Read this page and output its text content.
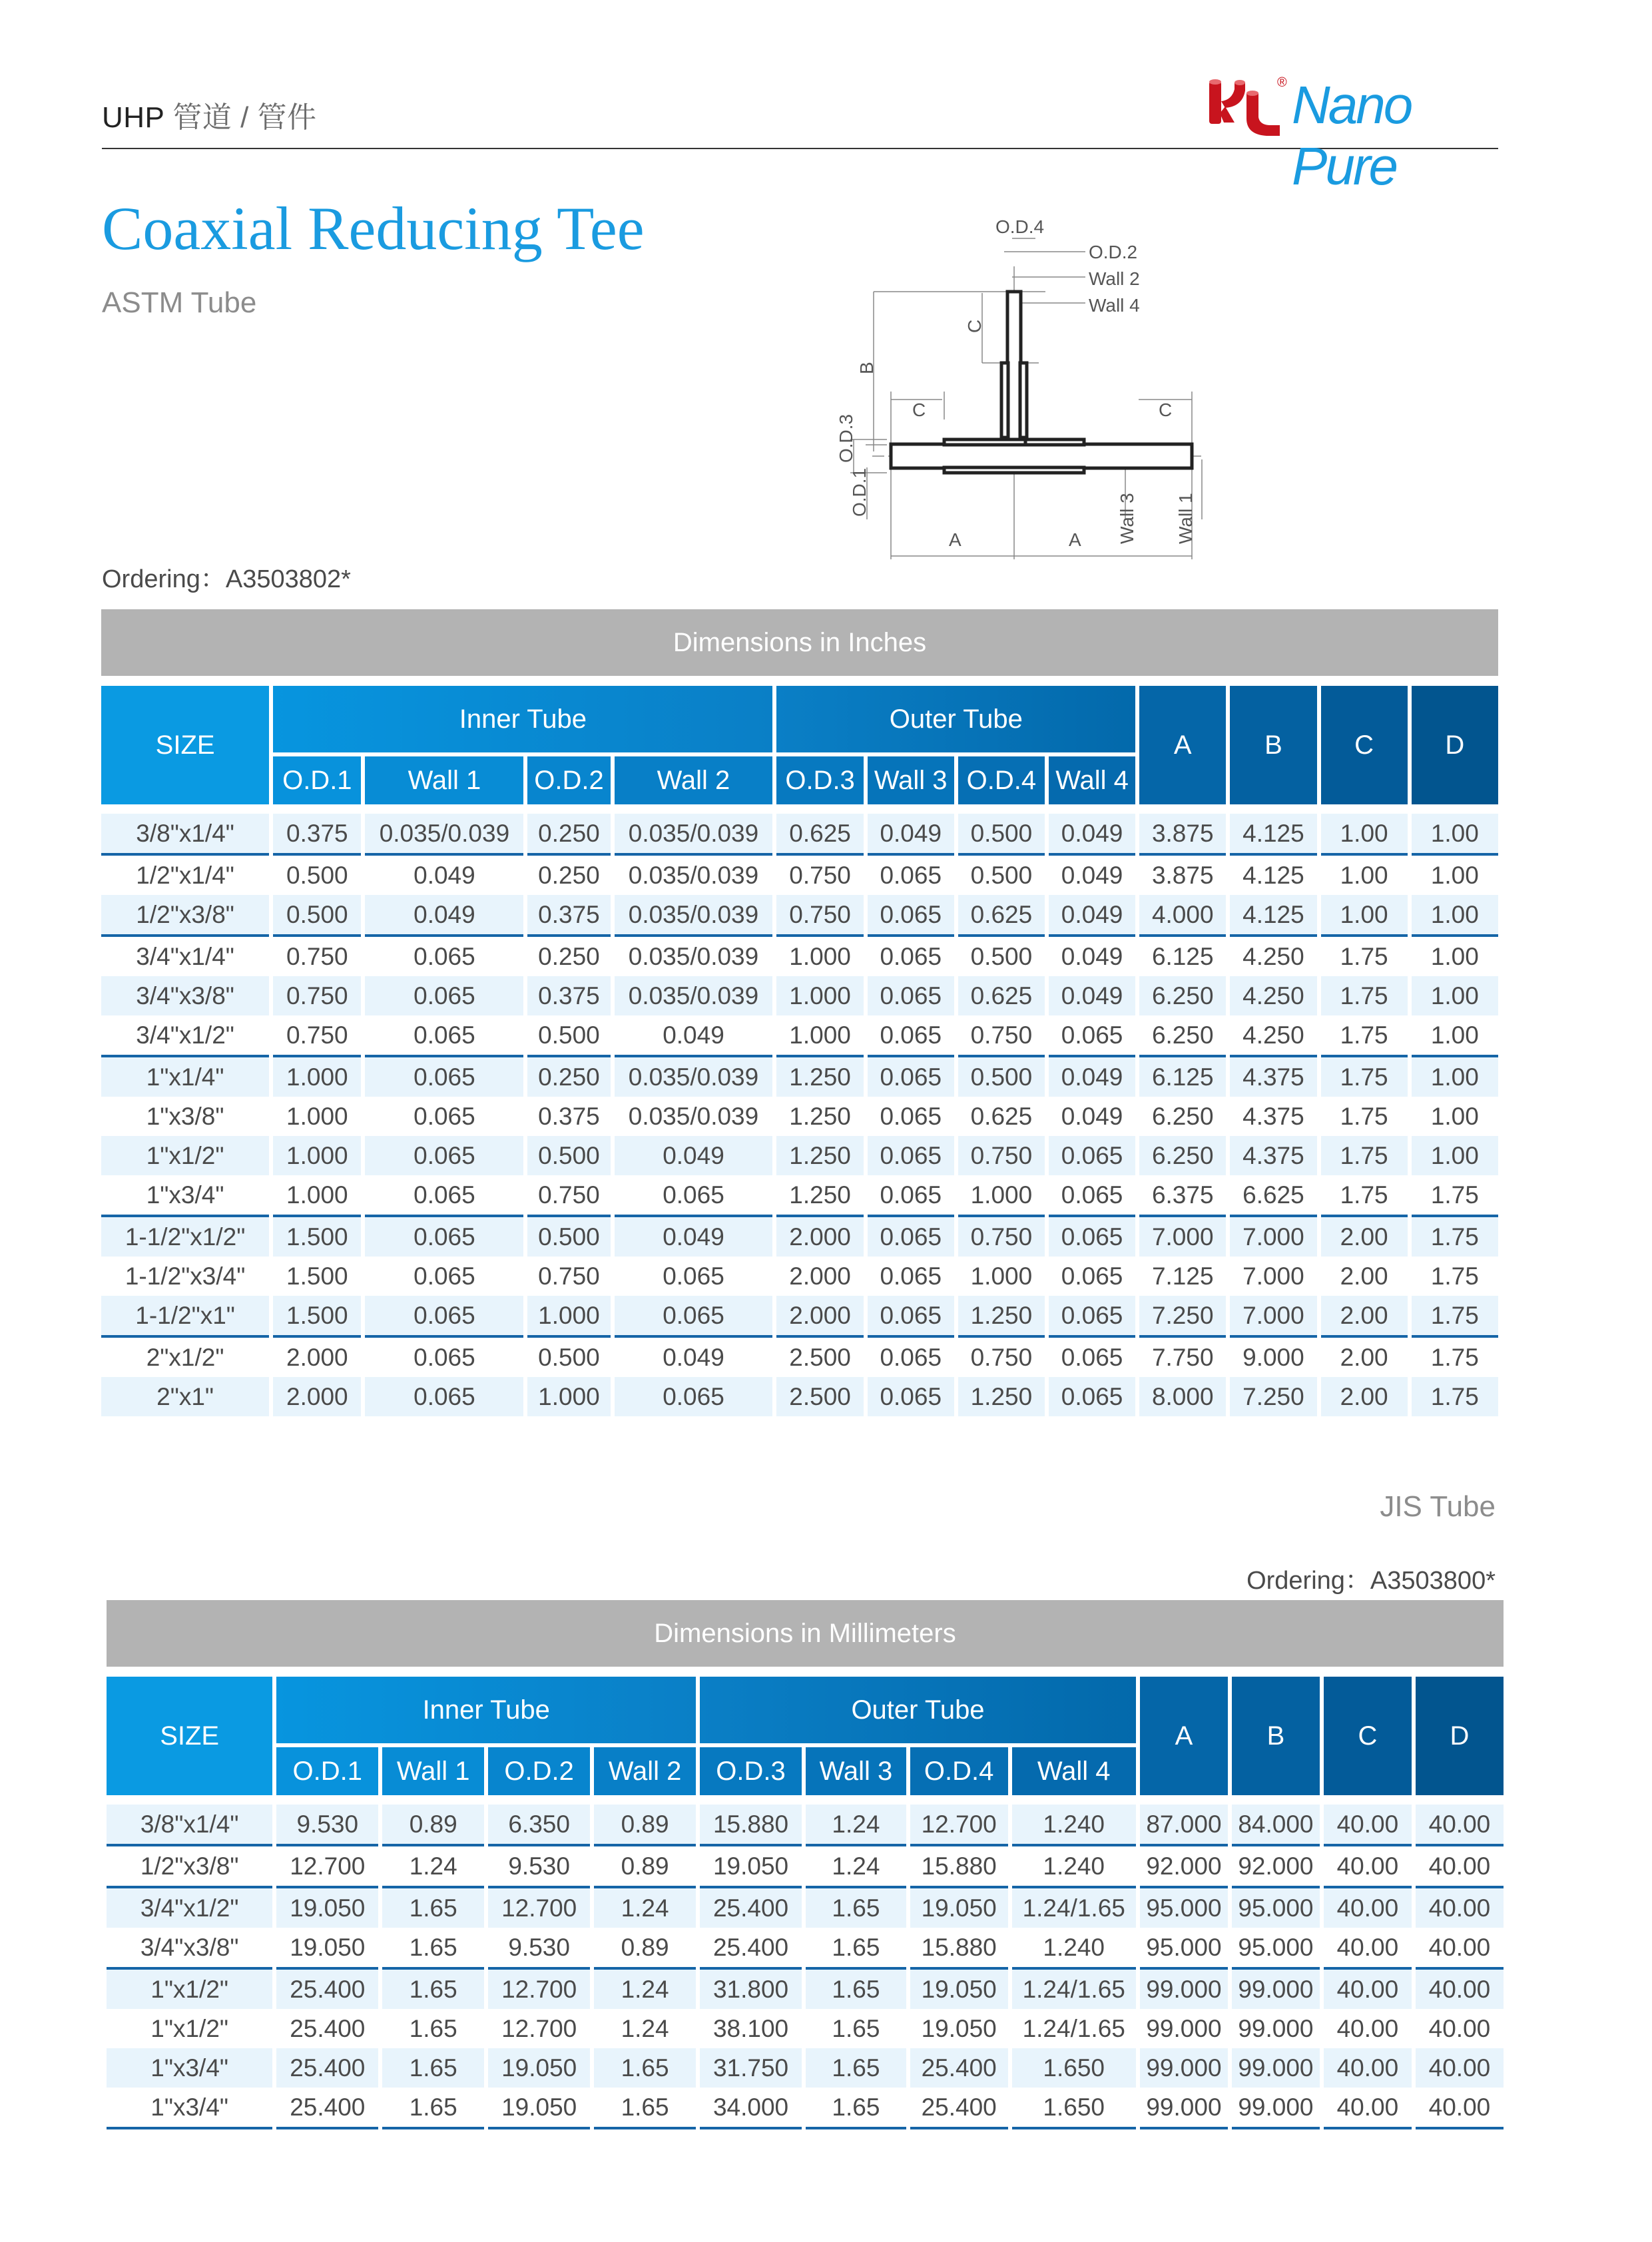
UHP 管道 / 管件
® Nano Pure
Coaxial Reducing Tee
ASTM Tube
Ordering：A3503802*
O.D.4
O.D.2
Wall 2
Wall 4
C
B
C	C
O.D.3
O.D.1
A	A Wall 3 Wall 1
Dimensions in Inches
SIZE	Inner Tube				Outer Tube				A	B	C	D
	O.D.1	Wall 1	O.D.2	Wall 2	O.D.3	Wall 3	O.D.4	Wall 4				
3/8"x1/4"	0.375	0.035/0.039	0.250	0.035/0.039	0.625	0.049	0.500	0.049	3.875	4.125	1.00	1.00
1/2"x1/4"	0.500	0.049	0.250	0.035/0.039	0.750	0.065	0.500	0.049	3.875	4.125	1.00	1.00
1/2"x3/8"	0.500	0.049	0.375	0.035/0.039	0.750	0.065	0.625	0.049	4.000	4.125	1.00	1.00
3/4"x1/4"	0.750	0.065	0.250	0.035/0.039	1.000	0.065	0.500	0.049	6.125	4.250	1.75	1.00
3/4"x3/8"	0.750	0.065	0.375	0.035/0.039	1.000	0.065	0.625	0.049	6.250	4.250	1.75	1.00
3/4"x1/2"	0.750	0.065	0.500	0.049	1.000	0.065	0.750	0.065	6.250	4.250	1.75	1.00
1"x1/4"	1.000	0.065	0.250	0.035/0.039	1.250	0.065	0.500	0.049	6.125	4.375	1.75	1.00
1"x3/8"	1.000	0.065	0.375	0.035/0.039	1.250	0.065	0.625	0.049	6.250	4.375	1.75	1.00
1"x1/2"	1.000	0.065	0.500	0.049	1.250	0.065	0.750	0.065	6.250	4.375	1.75	1.00
1"x3/4"	1.000	0.065	0.750	0.065	1.250	0.065	1.000	0.065	6.375	6.625	1.75	1.75
1-1/2"x1/2"	1.500	0.065	0.500	0.049	2.000	0.065	0.750	0.065	7.000	7.000	2.00	1.75
1-1/2"x3/4"	1.500	0.065	0.750	0.065	2.000	0.065	1.000	0.065	7.125	7.000	2.00	1.75
1-1/2"x1"	1.500	0.065	1.000	0.065	2.000	0.065	1.250	0.065	7.250	7.000	2.00	1.75
2"x1/2"	2.000	0.065	0.500	0.049	2.500	0.065	0.750	0.065	7.750	9.000	2.00	1.75
2"x1"	2.000	0.065	1.000	0.065	2.500	0.065	1.250	0.065	8.000	7.250	2.00	1.75
JIS Tube
Ordering：A3503800*
Dimensions in Millimeters
SIZE	Inner Tube				Outer Tube				A	B	C	D
	O.D.1	Wall 1	O.D.2	Wall 2	O.D.3	Wall 3	O.D.4	Wall 4				
3/8"x1/4"	9.530	0.89	6.350	0.89	15.880	1.24	12.700	1.240	87.000	84.000	40.00	40.00
1/2"x3/8"	12.700	1.24	9.530	0.89	19.050	1.24	15.880	1.240	92.000	92.000	40.00	40.00
3/4"x1/2"	19.050	1.65	12.700	1.24	25.400	1.65	19.050	1.24/1.65	95.000	95.000	40.00	40.00
3/4"x3/8"	19.050	1.65	9.530	0.89	25.400	1.65	15.880	1.240	95.000	95.000	40.00	40.00
1"x1/2"	25.400	1.65	12.700	1.24	31.800	1.65	19.050	1.24/1.65	99.000	99.000	40.00	40.00
1"x1/2"	25.400	1.65	12.700	1.24	38.100	1.65	19.050	1.24/1.65	99.000	99.000	40.00	40.00
1"x3/4"	25.400	1.65	19.050	1.65	31.750	1.65	25.400	1.650	99.000	99.000	40.00	40.00
1"x3/4"	25.400	1.65	19.050	1.65	34.000	1.65	25.400	1.650	99.000	99.000	40.00	40.00
